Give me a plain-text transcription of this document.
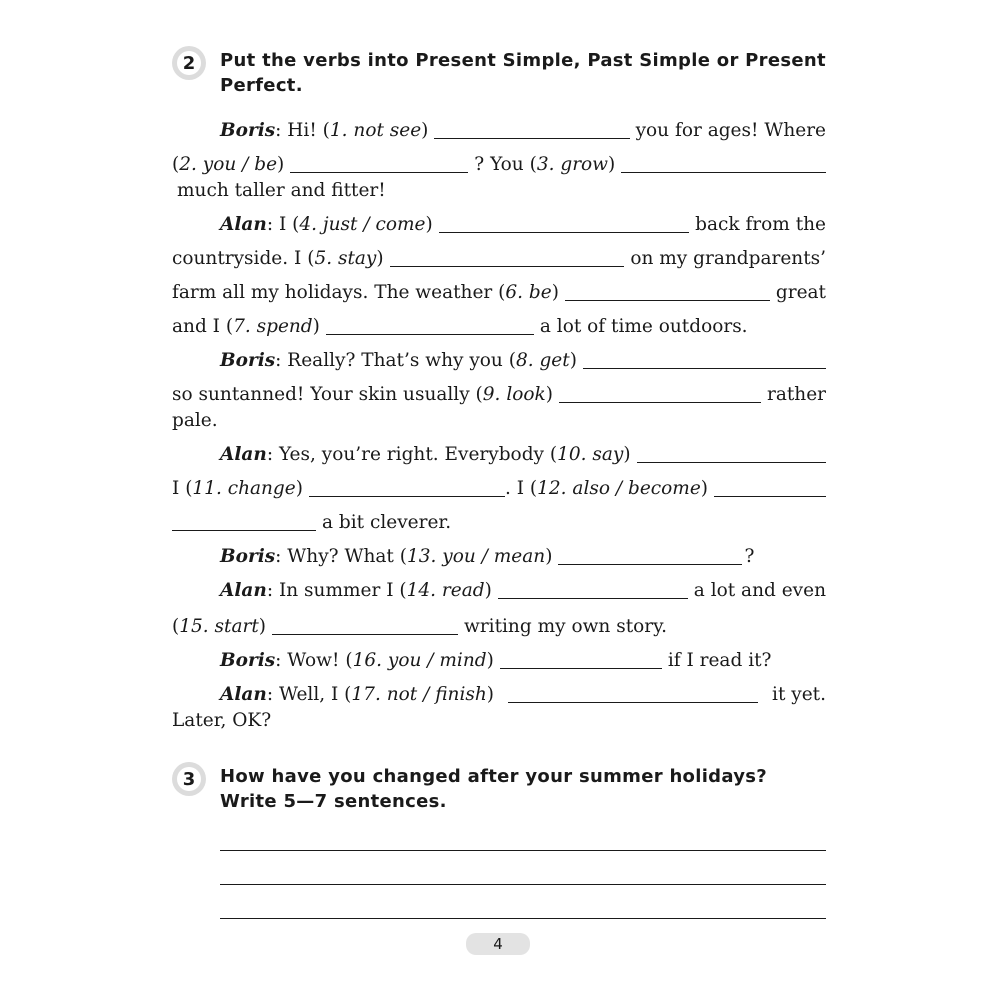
2	Put the verbs into Present Simple, Past Simple or Present Perfect.

Boris : Hi! ( 1. not see )	you for ages! Where
( 2. you / be )	? You ( 3. grow )
much taller and fitter!
Alan : I ( 4. just / come )	back from the
countryside. I ( 5. stay )	on my grandparents’
farm all my holidays. The weather ( 6. be )	great
and I ( 7. spend )	a lot of time outdoors.
Boris : Really? That’s why you ( 8. get )
so suntanned! Your skin usually ( 9. look )	rather
pale.
Alan : Yes, you’re right. Everybody ( 10. say )
I ( 11. change )	. I ( 12. also / become )
a bit cleverer.
Boris : Why? What ( 13. you / mean )	?
Alan : In summer I ( 14. read )	a lot and even
( 15. start )	writing my own story.
Boris : Wow! ( 16. you / mind )	if I read it?
Alan : Well, I ( 17. not / finish )	it yet.
Later, OK?
3	How have you changed after your summer holidays? Write 5—7 sentences.

4
